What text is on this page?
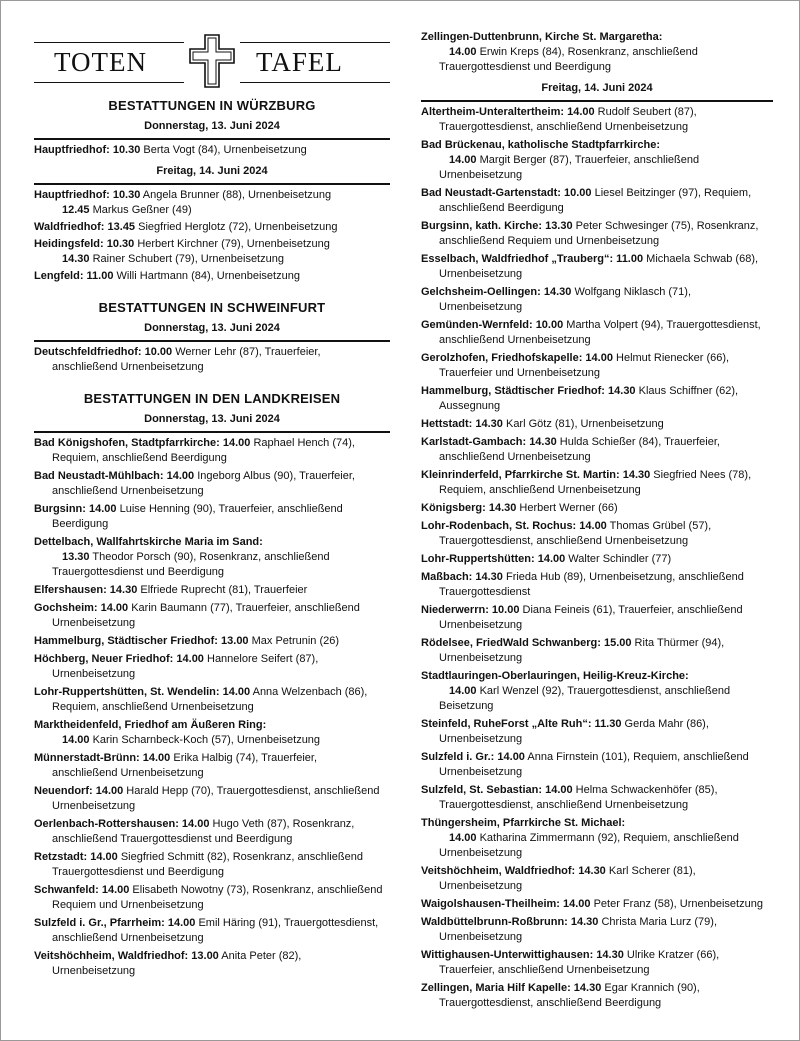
TOTEN	TAFEL
BESTATTUNGEN IN WÜRZBURG
Donnerstag, 13. Juni 2024
Hauptfriedhof: 10.30 Berta Vogt (84), Urnenbeisetzung
Freitag, 14. Juni 2024
Hauptfriedhof: 10.30 Angela Brunner (88), Urnenbeisetzung
12.45 Markus Geßner (49)
Waldfriedhof: 13.45 Siegfried Herglotz (72), Urnenbeisetzung
Heidingsfeld: 10.30 Herbert Kirchner (79), Urnenbeisetzung
14.30 Rainer Schubert (79), Urnenbeisetzung
Lengfeld: 11.00 Willi Hartmann (84), Urnenbeisetzung
BESTATTUNGEN IN SCHWEINFURT
Donnerstag, 13. Juni 2024
Deutschfeldfriedhof: 10.00 Werner Lehr (87), Trauerfeier,
anschließend Urnenbeisetzung
BESTATTUNGEN IN DEN LANDKREISEN
Donnerstag, 13. Juni 2024
Bad Königshofen, Stadtpfarrkirche: 14.00 Raphael Hench (74),
Requiem, anschließend Beerdigung
Bad Neustadt-Mühlbach: 14.00 Ingeborg Albus (90), Trauerfeier,
anschließend Urnenbeisetzung
Burgsinn: 14.00 Luise Henning (90), Trauerfeier, anschließend
Beerdigung
Dettelbach, Wallfahrtskirche Maria im Sand:
13.30 Theodor Porsch (90), Rosenkranz, anschließend
Trauergottesdienst und Beerdigung
Elfershausen: 14.30 Elfriede Ruprecht (81), Trauerfeier
Gochsheim: 14.00 Karin Baumann (77), Trauerfeier, anschließend
Urnenbeisetzung
Hammelburg, Städtischer Friedhof: 13.00 Max Petrunin (26)
Höchberg, Neuer Friedhof: 14.00 Hannelore Seifert (87),
Urnenbeisetzung
Lohr-Ruppertshütten, St. Wendelin: 14.00 Anna Welzenbach (86),
Requiem, anschließend Urnenbeisetzung
Marktheidenfeld, Friedhof am Äußeren Ring:
14.00 Karin Scharnbeck-Koch (57), Urnenbeisetzung
Münnerstadt-Brünn: 14.00 Erika Halbig (74), Trauerfeier,
anschließend Urnenbeisetzung
Neuendorf: 14.00 Harald Hepp (70), Trauergottesdienst, anschließend
Urnenbeisetzung
Oerlenbach-Rottershausen: 14.00 Hugo Veth (87), Rosenkranz,
anschließend Trauergottesdienst und Beerdigung
Retzstadt: 14.00 Siegfried Schmitt (82), Rosenkranz, anschließend
Trauergottesdienst und Beerdigung
Schwanfeld: 14.00 Elisabeth Nowotny (73), Rosenkranz, anschließend
Requiem und Urnenbeisetzung
Sulzfeld i. Gr., Pfarrheim: 14.00 Emil Häring (91), Trauergottesdienst,
anschließend Urnenbeisetzung
Veitshöchheim, Waldfriedhof: 13.00 Anita Peter (82),
Urnenbeisetzung
Zellingen-Duttenbrunn, Kirche St. Margaretha:
14.00 Erwin Kreps (84), Rosenkranz, anschließend
Trauergottesdienst und Beerdigung
Freitag, 14. Juni 2024
Altertheim-Unteraltertheim: 14.00 Rudolf Seubert (87),
Trauergottesdienst, anschließend Urnenbeisetzung
Bad Brückenau, katholische Stadtpfarrkirche:
14.00 Margit Berger (87), Trauerfeier, anschließend
Urnenbeisetzung
Bad Neustadt-Gartenstadt: 10.00 Liesel Beitzinger (97), Requiem,
anschließend Beerdigung
Burgsinn, kath. Kirche: 13.30 Peter Schwesinger (75), Rosenkranz,
anschließend Requiem und Urnenbeisetzung
Esselbach, Waldfriedhof „Trauberg“: 11.00 Michaela Schwab (68),
Urnenbeisetzung
Gelchsheim-Oellingen: 14.30 Wolfgang Niklasch (71),
Urnenbeisetzung
Gemünden-Wernfeld: 10.00 Martha Volpert (94), Trauergottesdienst,
anschließend Urnenbeisetzung
Gerolzhofen, Friedhofskapelle: 14.00 Helmut Rienecker (66),
Trauerfeier und Urnenbeisetzung
Hammelburg, Städtischer Friedhof: 14.30 Klaus Schiffner (62),
Aussegnung
Hettstadt: 14.30 Karl Götz (81), Urnenbeisetzung
Karlstadt-Gambach: 14.30 Hulda Schießer (84), Trauerfeier,
anschließend Urnenbeisetzung
Kleinrinderfeld, Pfarrkirche St. Martin: 14.30 Siegfried Nees (78),
Requiem, anschließend Urnenbeisetzung
Königsberg: 14.30 Herbert Werner (66)
Lohr-Rodenbach, St. Rochus: 14.00 Thomas Grübel (57),
Trauergottesdienst, anschließend Urnenbeisetzung
Lohr-Ruppertshütten: 14.00 Walter Schindler (77)
Maßbach: 14.30 Frieda Hub (89), Urnenbeisetzung, anschließend
Trauergottesdienst
Niederwerrn: 10.00 Diana Feineis (61), Trauerfeier, anschließend
Urnenbeisetzung
Rödelsee, FriedWald Schwanberg: 15.00 Rita Thürmer (94),
Urnenbeisetzung
Stadtlauringen-Oberlauringen, Heilig-Kreuz-Kirche:
14.00 Karl Wenzel (92), Trauergottesdienst, anschließend
Beisetzung
Steinfeld, RuheForst „Alte Ruh“: 11.30 Gerda Mahr (86),
Urnenbeisetzung
Sulzfeld i. Gr.: 14.00 Anna Firnstein (101), Requiem, anschließend
Urnenbeisetzung
Sulzfeld, St. Sebastian: 14.00 Helma Schwackenhöfer (85),
Trauergottesdienst, anschließend Urnenbeisetzung
Thüngersheim, Pfarrkirche St. Michael:
14.00 Katharina Zimmermann (92), Requiem, anschließend
Urnenbeisetzung
Veitshöchheim, Waldfriedhof: 14.30 Karl Scherer (81),
Urnenbeisetzung
Waigolshausen-Theilheim: 14.00 Peter Franz (58), Urnenbeisetzung
Waldbüttelbrunn-Roßbrunn: 14.30 Christa Maria Lurz (79),
Urnenbeisetzung
Wittighausen-Unterwittighausen: 14.30 Ulrike Kratzer (66),
Trauerfeier, anschließend Urnenbeisetzung
Zellingen, Maria Hilf Kapelle: 14.30 Egar Krannich (90),
Trauergottesdienst, anschließend Beerdigung
